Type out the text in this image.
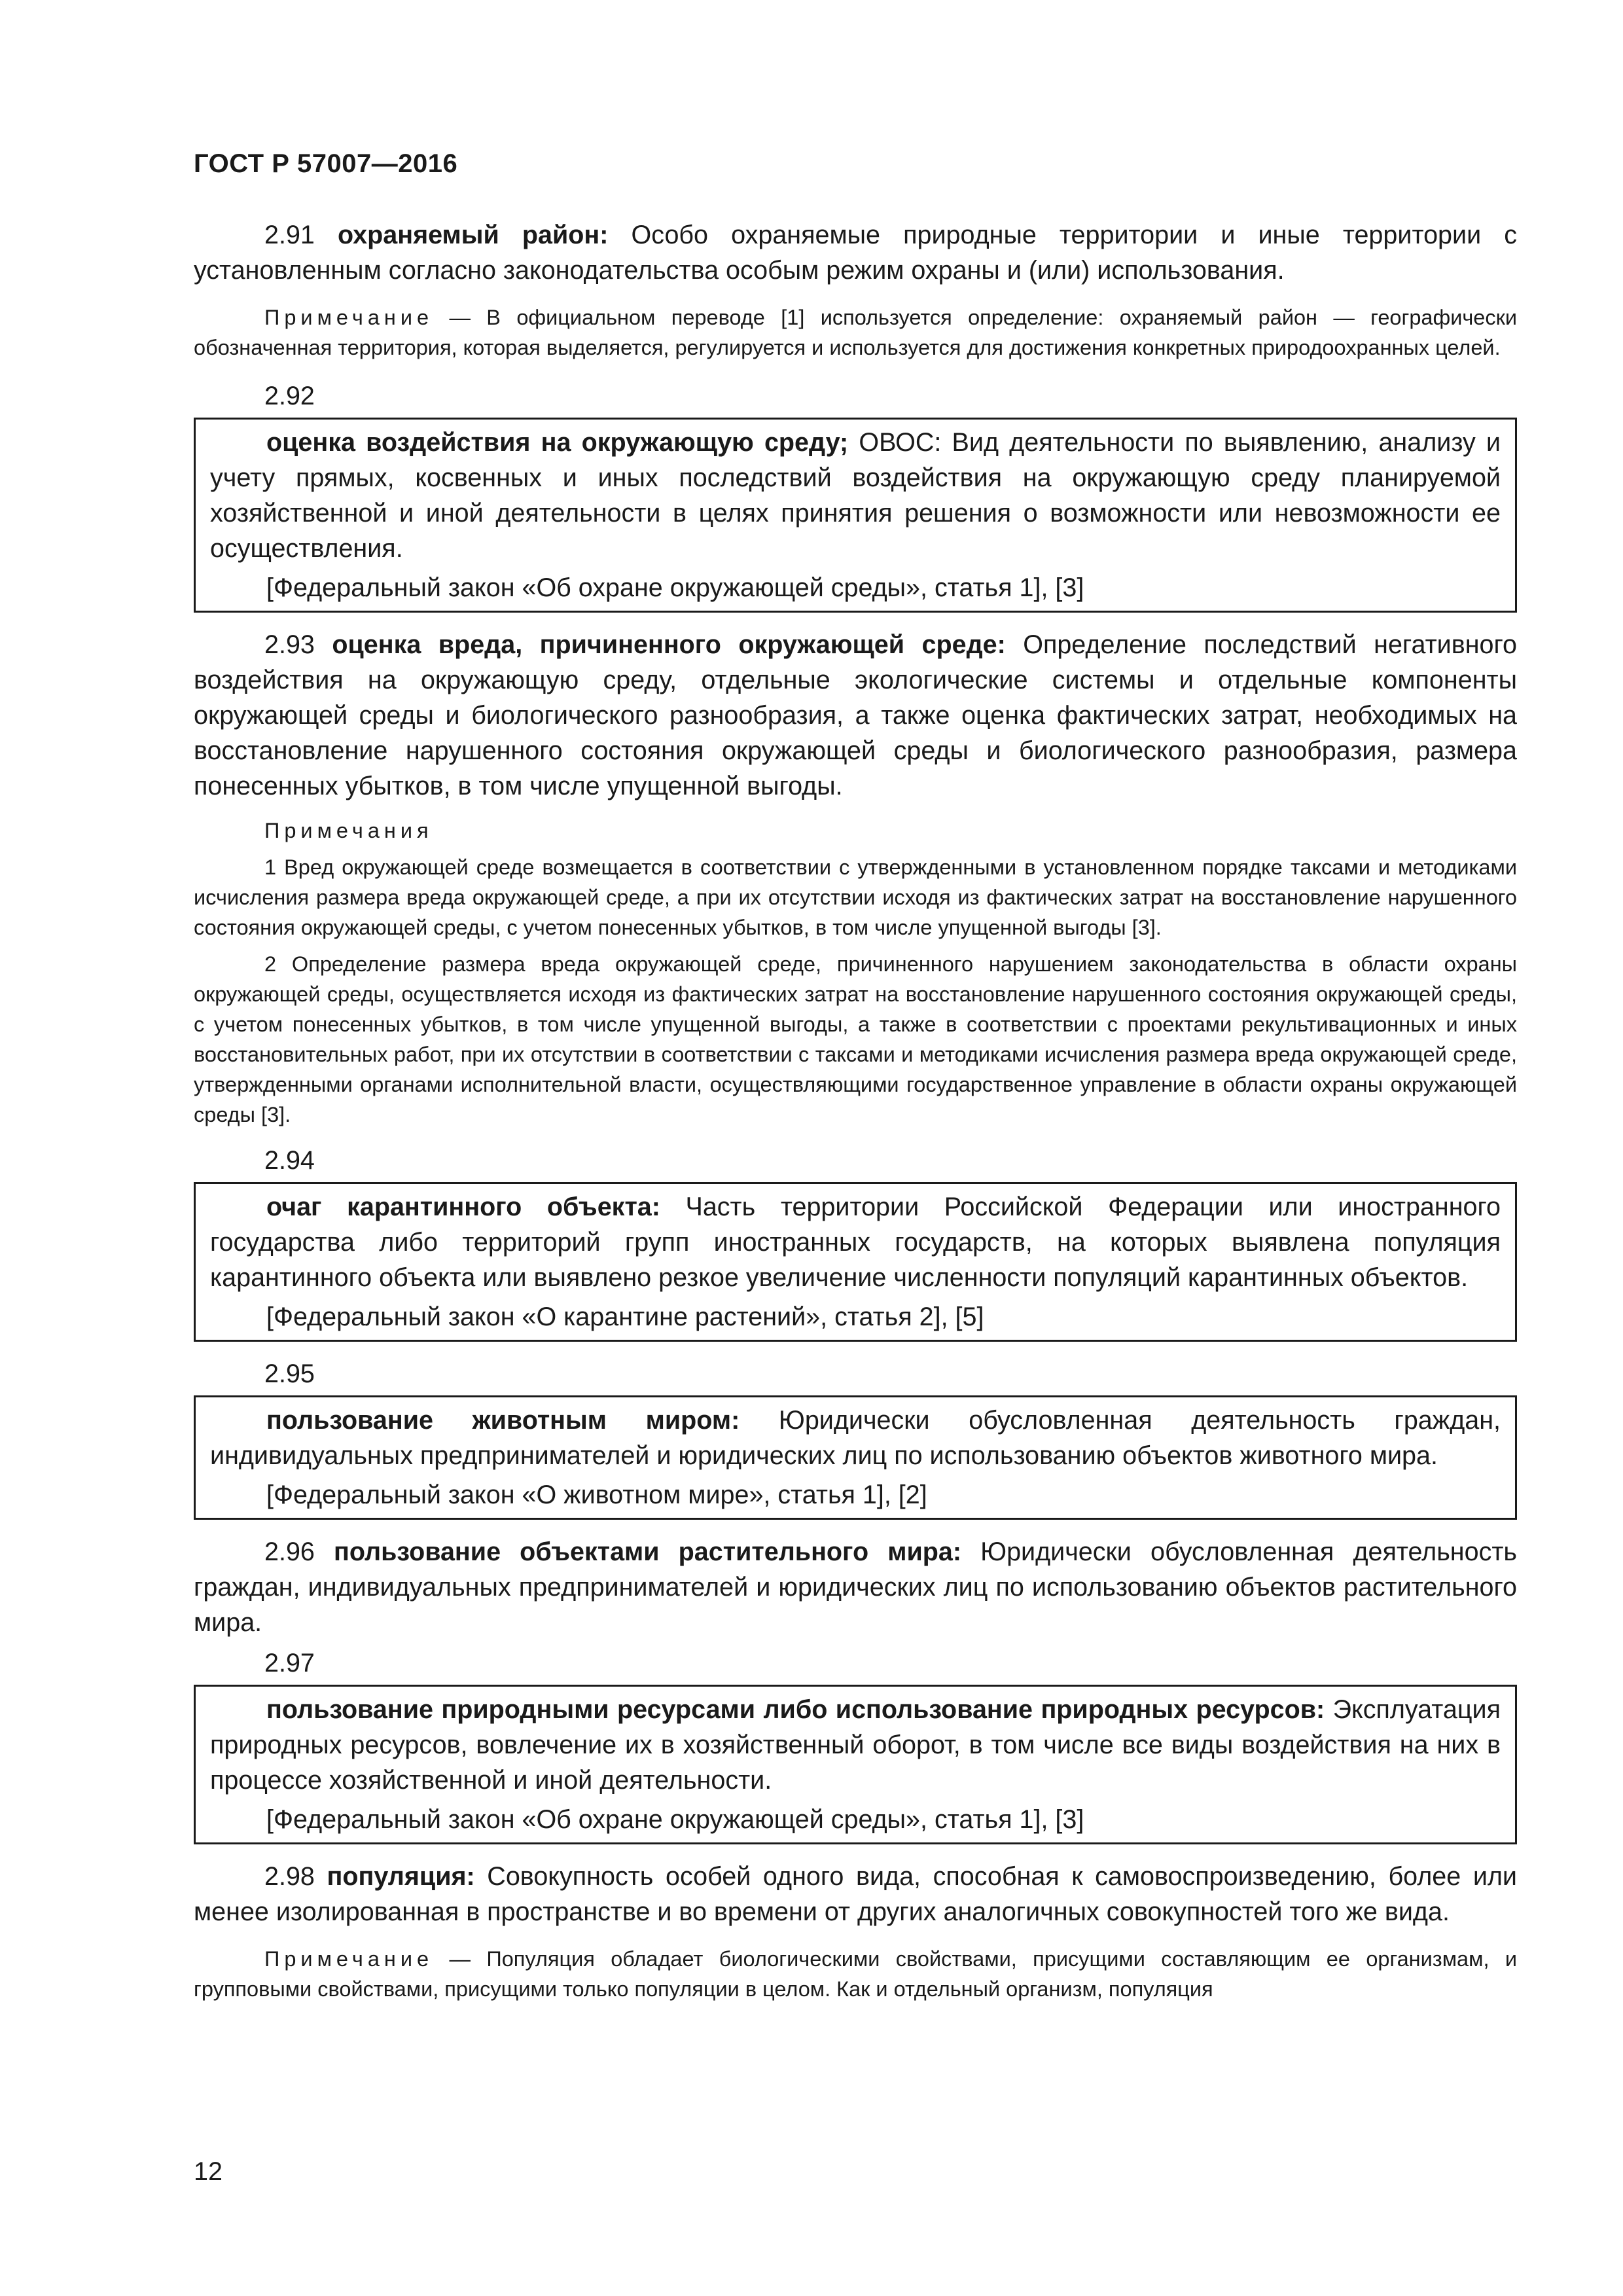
ГОСТ Р 57007—2016

2.91 охраняемый район: Особо охраняемые природные территории и иные территории с установленным согласно законодательства особым режим охраны и (или) использования.

Примечание — В официальном переводе [1] используется определение: охраняемый район — географически обозначенная территория, которая выделяется, регулируется и используется для достижения конкретных природоохранных целей.

2.92

оценка воздействия на окружающую среду; ОВОС: Вид деятельности по выявлению, анализу и учету прямых, косвенных и иных последствий воздействия на окружающую среду планируемой хозяйственной и иной деятельности в целях принятия решения о возможности или невозможности ее осуществления.

[Федеральный закон «Об охране окружающей среды», статья 1], [3]

2.93 оценка вреда, причиненного окружающей среде: Определение последствий негативного воздействия на окружающую среду, отдельные экологические системы и отдельные компоненты окружающей среды и биологического разнообразия, а также оценка фактических затрат, необходимых на восстановление нарушенного состояния окружающей среды и биологического разнообразия, размера понесенных убытков, в том числе упущенной выгоды.

Примечания

1 Вред окружающей среде возмещается в соответствии с утвержденными в установленном порядке таксами и методиками исчисления размера вреда окружающей среде, а при их отсутствии исходя из фактических затрат на восстановление нарушенного состояния окружающей среды, с учетом понесенных убытков, в том числе упущенной выгоды [3].

2 Определение размера вреда окружающей среде, причиненного нарушением законодательства в области охраны окружающей среды, осуществляется исходя из фактических затрат на восстановление нарушенного состояния окружающей среды, с учетом понесенных убытков, в том числе упущенной выгоды, а также в соответствии с проектами рекультивационных и иных восстановительных работ, при их отсутствии в соответствии с таксами и методиками исчисления размера вреда окружающей среде, утвержденными органами исполнительной власти, осуществляющими государственное управление в области охраны окружающей среды [3].

2.94

очаг карантинного объекта: Часть территории Российской Федерации или иностранного государства либо территорий групп иностранных государств, на которых выявлена популяция карантинного объекта или выявлено резкое увеличение численности популяций карантинных объектов.

[Федеральный закон «О карантине растений», статья 2], [5]

2.95

пользование животным миром: Юридически обусловленная деятельность граждан, индивидуальных предпринимателей и юридических лиц по использованию объектов животного мира.

[Федеральный закон «О животном мире», статья 1], [2]

2.96 пользование объектами растительного мира: Юридически обусловленная деятельность граждан, индивидуальных предпринимателей и юридических лиц по использованию объектов растительного мира.

2.97

пользование природными ресурсами либо использование природных ресурсов: Эксплуатация природных ресурсов, вовлечение их в хозяйственный оборот, в том числе все виды воздействия на них в процессе хозяйственной и иной деятельности.

[Федеральный закон «Об охране окружающей среды», статья 1], [3]

2.98 популяция: Совокупность особей одного вида, способная к самовоспроизведению, более или менее изолированная в пространстве и во времени от других аналогичных совокупностей того же вида.

Примечание — Популяция обладает биологическими свойствами, присущими составляющим ее организмам, и групповыми свойствами, присущими только популяции в целом. Как и отдельный организм, популяция

12
